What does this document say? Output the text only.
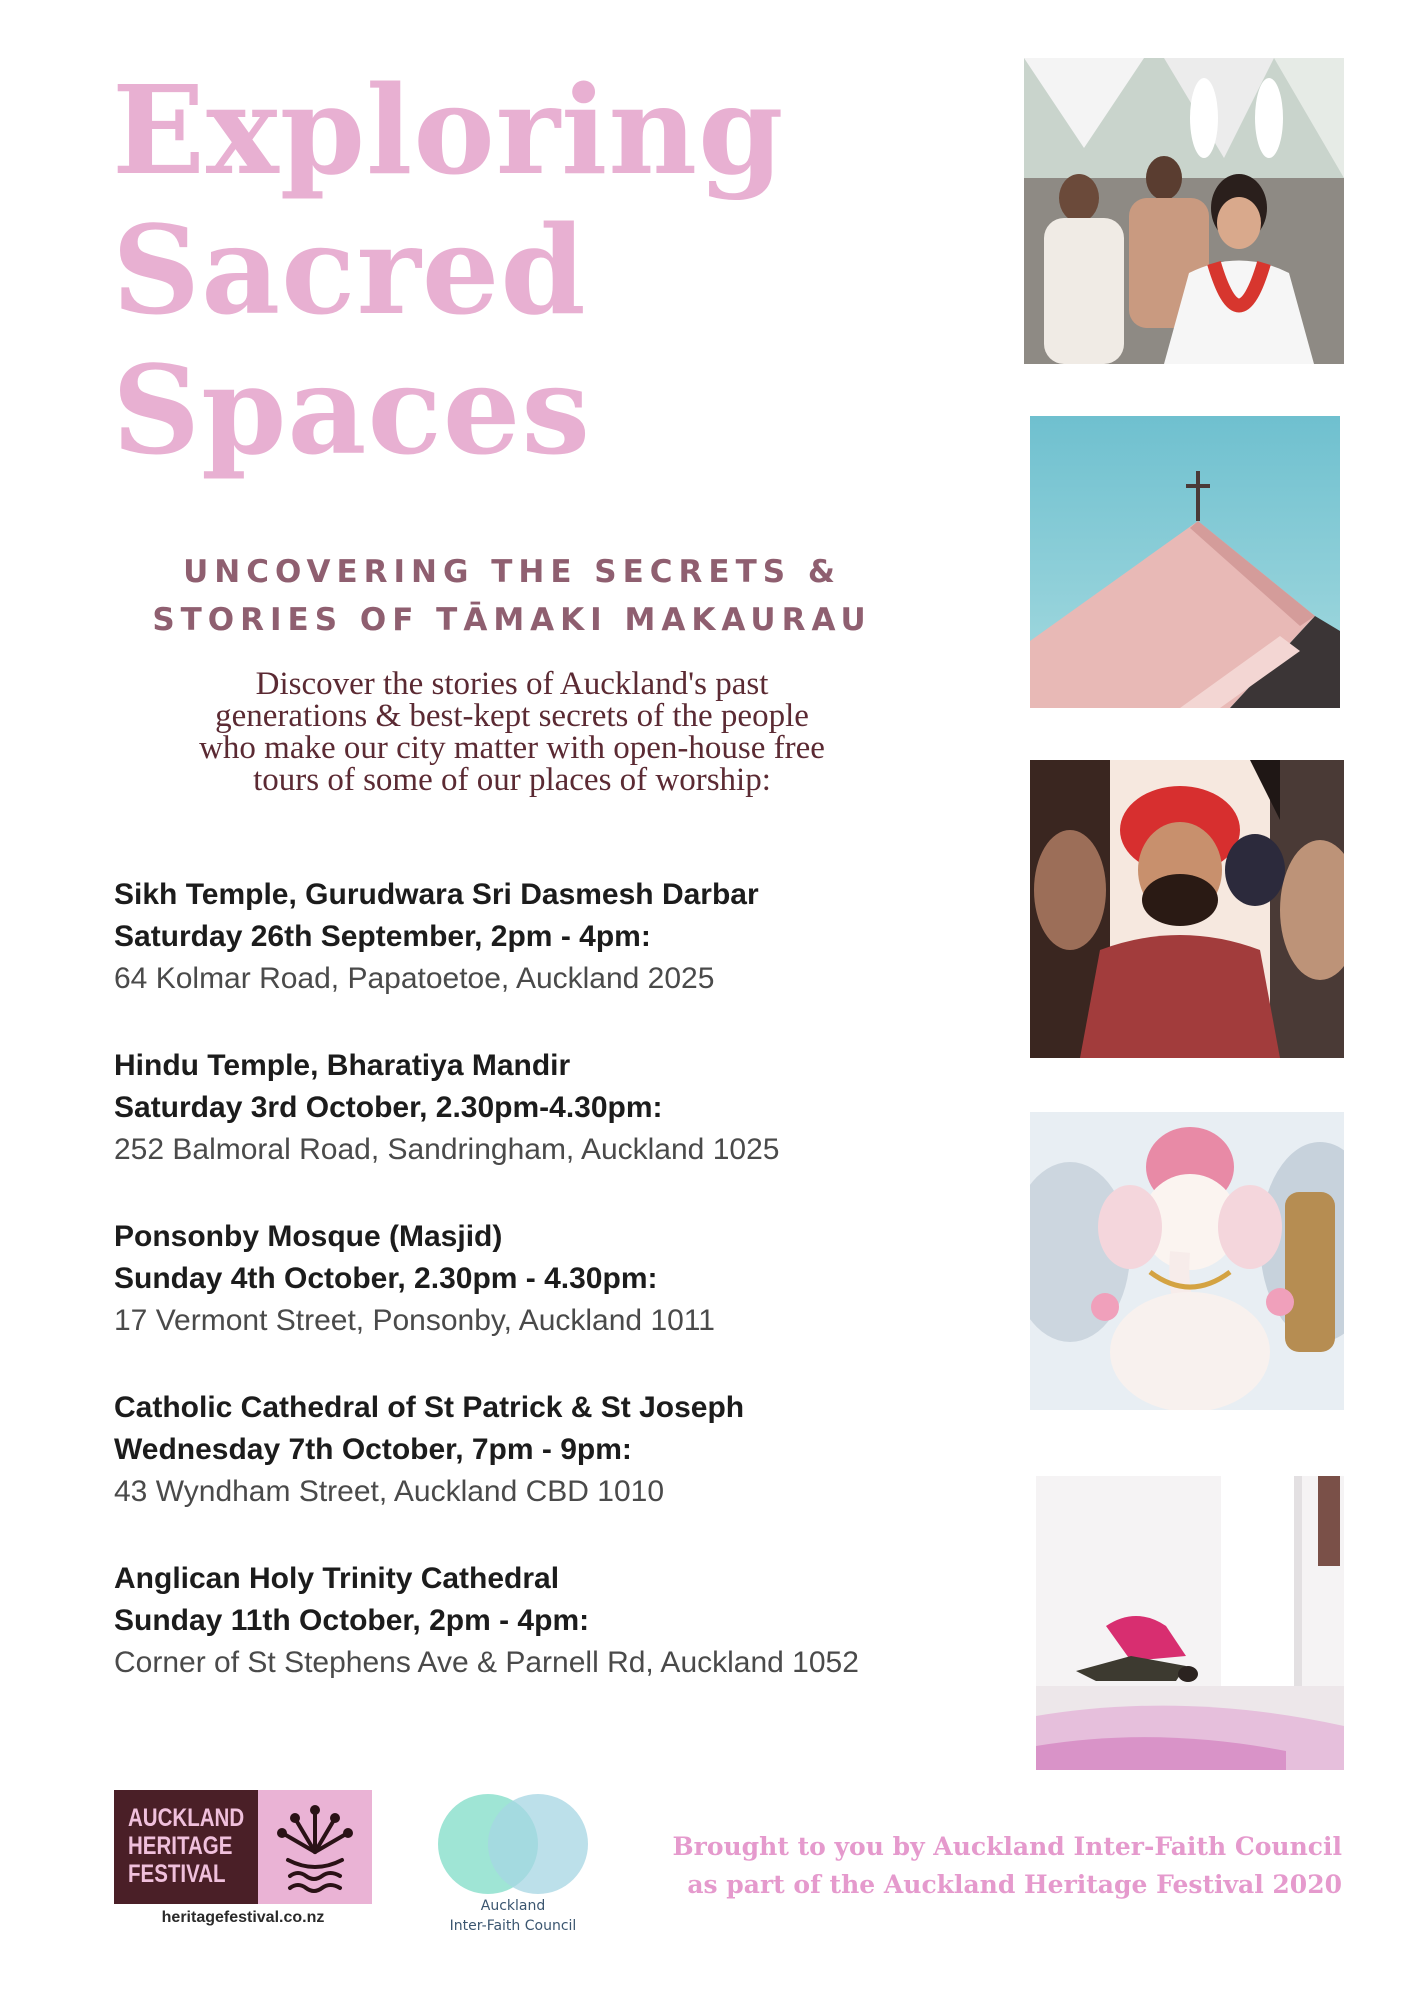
Exploring
Sacred
Spaces
UNCOVERING THE SECRETS &
STORIES OF TĀMAKI MAKAURAU
Discover the stories of Auckland's past
generations & best-kept secrets of the people
who make our city matter with open-house free
tours of some of our places of worship:
Sikh Temple, Gurudwara Sri Dasmesh Darbar
Saturday 26th September, 2pm - 4pm:
64 Kolmar Road, Papatoetoe, Auckland 2025
Hindu Temple, Bharatiya Mandir
Saturday 3rd October, 2.30pm-4.30pm:
252 Balmoral Road, Sandringham, Auckland 1025
Ponsonby Mosque (Masjid)
Sunday 4th October, 2.30pm - 4.30pm:
17 Vermont Street, Ponsonby, Auckland 1011
Catholic Cathedral of St Patrick & St Joseph
Wednesday 7th October, 7pm - 9pm:
43 Wyndham Street, Auckland CBD 1010
Anglican Holy Trinity Cathedral
Sunday 11th October, 2pm - 4pm:
Corner of St Stephens Ave & Parnell Rd, Auckland 1052
AUCKLAND
HERITAGE
FESTIVAL
heritagefestival.co.nz
Auckland
Inter-Faith Council
Brought to you by Auckland Inter-Faith Council
as part of the Auckland Heritage Festival 2020
